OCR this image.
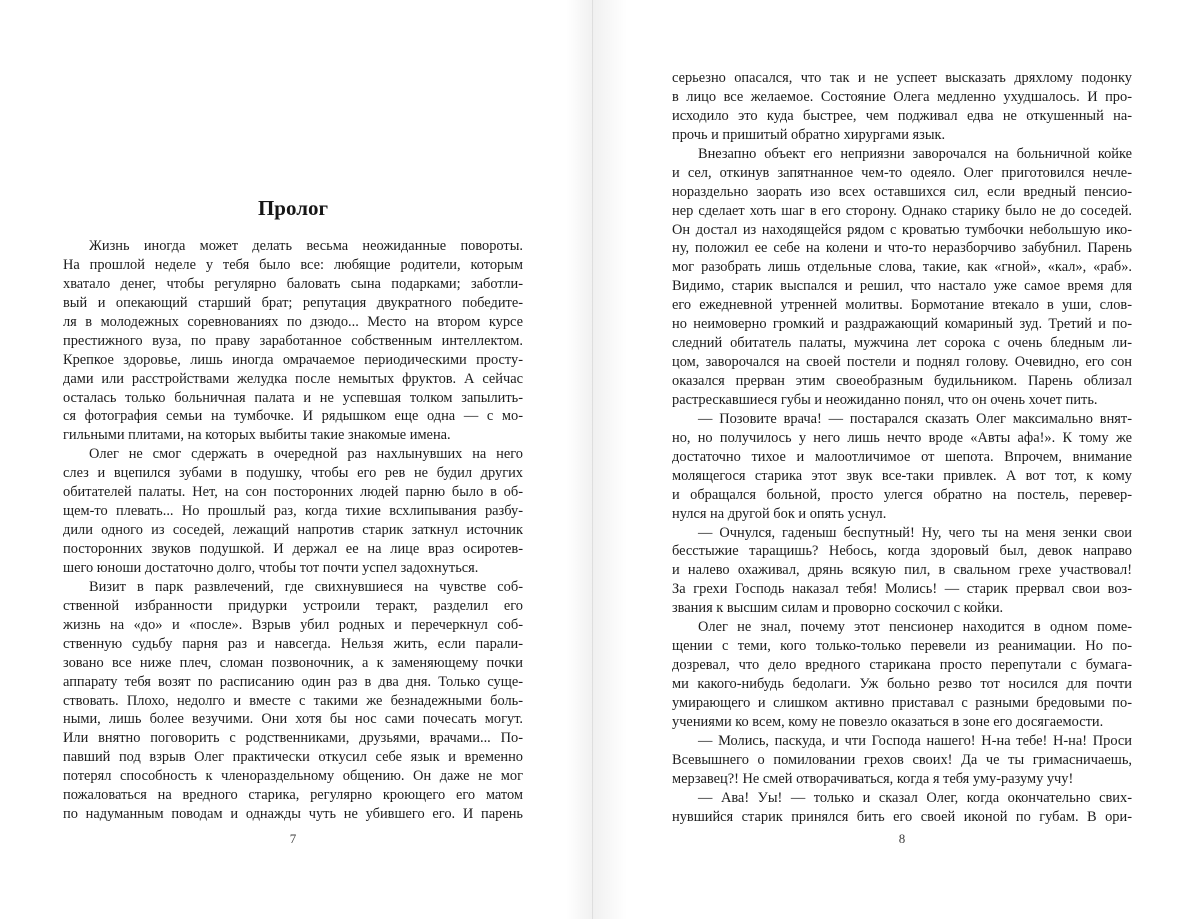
Пролог
Жизнь иногда может делать весьма неожиданные повороты.
На прошлой неделе у тебя было все: любящие родители, которым
хватало денег, чтобы регулярно баловать сына подарками; заботли-
вый и опекающий старший брат; репутация двукратного победите-
ля в молодежных соревнованиях по дзюдо... Место на втором курсе
престижного вуза, по праву заработанное собственным интеллектом.
Крепкое здоровье, лишь иногда омрачаемое периодическими просту-
дами или расстройствами желудка после немытых фруктов. А сейчас
осталась только больничная палата и не успевшая толком запылить-
ся фотография семьи на тумбочке. И рядышком еще одна — с мо-
гильными плитами, на которых выбиты такие знакомые имена.
Олег не смог сдержать в очередной раз нахлынувших на него
слез и вцепился зубами в подушку, чтобы его рев не будил других
обитателей палаты. Нет, на сон посторонних людей парню было в об-
щем-то плевать... Но прошлый раз, когда тихие всхлипывания разбу-
дили одного из соседей, лежащий напротив старик заткнул источник
посторонних звуков подушкой. И держал ее на лице враз осиротев-
шего юноши достаточно долго, чтобы тот почти успел задохнуться.
Визит в парк развлечений, где свихнувшиеся на чувстве соб-
ственной избранности придурки устроили теракт, разделил его
жизнь на «до» и «после». Взрыв убил родных и перечеркнул соб-
ственную судьбу парня раз и навсегда. Нельзя жить, если парали-
зовано все ниже плеч, сломан позвоночник, а к заменяющему почки
аппарату тебя возят по расписанию один раз в два дня. Только суще-
ствовать. Плохо, недолго и вместе с такими же безнадежными боль-
ными, лишь более везучими. Они хотя бы нос сами почесать могут.
Или внятно поговорить с родственниками, друзьями, врачами... По-
павший под взрыв Олег практически откусил себе язык и временно
потерял способность к членораздельному общению. Он даже не мог
пожаловаться на вредного старика, регулярно кроющего его матом
по надуманным поводам и однажды чуть не убившего его. И парень
7
серьезно опасался, что так и не успеет высказать дряхлому подонку
в лицо все желаемое. Состояние Олега медленно ухудшалось. И про-
исходило это куда быстрее, чем подживал едва не откушенный на-
прочь и пришитый обратно хирургами язык.
Внезапно объект его неприязни заворочался на больничной койке
и сел, откинув запятнанное чем-то одеяло. Олег приготовился нечле-
нораздельно заорать изо всех оставшихся сил, если вредный пенсио-
нер сделает хоть шаг в его сторону. Однако старику было не до соседей.
Он достал из находящейся рядом с кроватью тумбочки небольшую ико-
ну, положил ее себе на колени и что-то неразборчиво забубнил. Парень
мог разобрать лишь отдельные слова, такие, как «гной», «кал», «раб».
Видимо, старик выспался и решил, что настало уже самое время для
его ежедневной утренней молитвы. Бормотание втекало в уши, слов-
но неимоверно громкий и раздражающий комариный зуд. Третий и по-
следний обитатель палаты, мужчина лет сорока с очень бледным ли-
цом, заворочался на своей постели и поднял голову. Очевидно, его сон
оказался прерван этим своеобразным будильником. Парень облизал
растрескавшиеся губы и неожиданно понял, что он очень хочет пить.
— Позовите врача! — постарался сказать Олег максимально внят-
но, но получилось у него лишь нечто вроде «Авты афа!». К тому же
достаточно тихое и малоотличимое от шепота. Впрочем, внимание
молящегося старика этот звук все-таки привлек. А вот тот, к кому
и обращался больной, просто улегся обратно на постель, перевер-
нулся на другой бок и опять уснул.
— Очнулся, гаденыш беспутный! Ну, чего ты на меня зенки свои
бесстыжие таращишь? Небось, когда здоровый был, девок направо
и налево охаживал, дрянь всякую пил, в свальном грехе участвовал!
За грехи Господь наказал тебя! Молись! — старик прервал свои воз-
звания к высшим силам и проворно соскочил с койки.
Олег не знал, почему этот пенсионер находится в одном поме-
щении с теми, кого только-только перевели из реанимации. Но по-
дозревал, что дело вредного старикана просто перепутали с бумага-
ми какого-нибудь бедолаги. Уж больно резво тот носился для почти
умирающего и слишком активно приставал с разными бредовыми по-
учениями ко всем, кому не повезло оказаться в зоне его досягаемости.
— Молись, паскуда, и чти Господа нашего! Н-на тебе! Н-на! Проси
Всевышнего о помиловании грехов своих! Да че ты гримасничаешь,
мерзавец?! Не смей отворачиваться, когда я тебя уму-разуму учу!
— Ава! Уы! — только и сказал Олег, когда окончательно свих-
нувшийся старик принялся бить его своей иконой по губам. В ори-
8
